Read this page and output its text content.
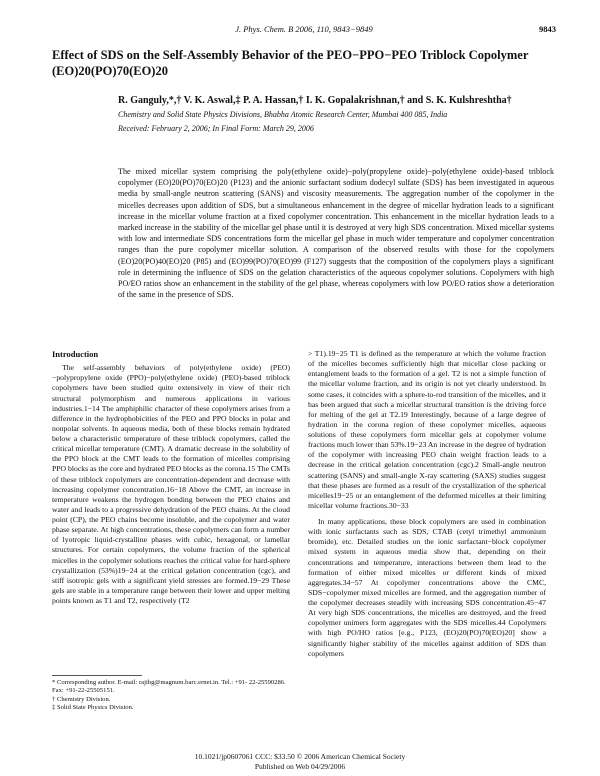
J. Phys. Chem. B 2006, 110, 9843−9849	9843
Effect of SDS on the Self-Assembly Behavior of the PEO−PPO−PEO Triblock Copolymer (EO)20(PO)70(EO)20
R. Ganguly,*,† V. K. Aswal,‡ P. A. Hassan,† I. K. Gopalakrishnan,† and S. K. Kulshreshtha†
Chemistry and Solid State Physics Divisions, Bhabha Atomic Research Center, Mumbai 400 085, India
Received: February 2, 2006; In Final Form: March 29, 2006
The mixed micellar system comprising the poly(ethylene oxide)−poly(propylene oxide)−poly(ethylene oxide)-based triblock copolymer (EO)20(PO)70(EO)20 (P123) and the anionic surfactant sodium dodecyl sulfate (SDS) has been investigated in aqueous media by small-angle neutron scattering (SANS) and viscosity measurements. The aggregation number of the copolymer in the micelles decreases upon addition of SDS, but a simultaneous enhancement in the degree of micellar hydration leads to a significant increase in the micellar volume fraction at a fixed copolymer concentration. This enhancement in the micellar hydration leads to a marked increase in the stability of the micellar gel phase until it is destroyed at very high SDS concentration. Mixed micellar systems with low and intermediate SDS concentrations form the micellar gel phase in much wider temperature and copolymer concentration ranges than the pure copolymer micellar solution. A comparison of the observed results with those for the copolymers (EO)20(PO)40(EO)20 (P85) and (EO)99(PO)70(EO)99 (F127) suggests that the composition of the copolymers plays a significant role in determining the influence of SDS on the gelation characteristics of the aqueous copolymer solutions. Copolymers with high PO/EO ratios show an enhancement in the stability of the gel phase, whereas copolymers with low PO/EO ratios show a deterioration of the same in the presence of SDS.
Introduction

The self-assembly behaviors of poly(ethylene oxide) (PEO)−polypropylene oxide (PPO)−poly(ethylene oxide) (PEO)-based triblock copolymers have been studied quite extensively in view of their rich structural polymorphism and numerous applications in various industries.1−14 The amphiphilic character of these copolymers arises from a difference in the hydrophobicities of the PEO and PPO blocks in polar and nonpolar solvents. In aqueous media, both of these blocks remain hydrated below a characteristic temperature of these triblock copolymers, called the critical micellar temperature (CMT). A dramatic decrease in the solubility of the PPO block at the CMT leads to the formation of micelles comprising PPO blocks as the core and hydrated PEO blocks as the corona.15 The CMTs of these triblock copolymers are concentration-dependent and decrease with increasing copolymer concentration.16−18 Above the CMT, an increase in temperature weakens the hydrogen bonding between the PEO chains and water and leads to a progressive dehydration of the PEO chains. At the cloud point (CP), the PEO chains become insoluble, and the copolymer and water phase separate. At high concentrations, these copolymers can form a number of lyotropic liquid-crystalline phases with cubic, hexagonal, or lamellar structures. For certain copolymers, the volume fraction of the spherical micelles in the copolymer solutions reaches the critical value for hard-sphere crystallization (53%)19−24 at the critical gelation concentration (cgc), and stiff isotropic gels with a significant yield stresses are formed.19−29 These gels are stable in a temperature range between their lower and upper melting points known as T1 and T2, respectively (T2

> T1).19−25 T1 is defined as the temperature at which the volume fraction of the micelles becomes sufficiently high that micellar close packing or entanglement leads to the formation of a gel. T2 is not a simple function of the micellar volume fraction, and its origin is not yet clearly understood. In some cases, it coincides with a sphere-to-rod transition of the micelles, and it has been argued that such a micellar structural transition is the driving force for melting of the gel at T2.19 Interestingly, because of a large degree of hydration in the corona region of these copolymer micelles, aqueous solutions of these copolymers form micellar gels at copolymer volume fractions much lower than 53%.19−23 An increase in the degree of hydration of the copolymer with increasing PEO chain weight fraction leads to a decrease in the critical gelation concentration (cgc).2 Small-angle neutron scattering (SANS) and small-angle X-ray scattering (SAXS) studies suggest that these phases are formed as a result of the crystallization of the spherical micelles19−25 or an entanglement of the deformed micelles at their limiting micellar volume fractions.30−33

In many applications, these block copolymers are used in combination with ionic surfactants such as SDS, CTAB (cetyl trimethyl ammonium bromide), etc. Detailed studies on the ionic surfactant−block copolymer mixed system in aqueous media show that, depending on their concentrations and temperature, interactions between them lead to the formation of either mixed micelles or different kinds of mixed aggregates.34−57 At copolymer concentrations above the CMC, SDS−copolymer mixed micelles are formed, and the aggregation number of the copolymer decreases steadily with increasing SDS concentration.45−47 At very high SDS concentrations, the micelles are destroyed, and the freed copolymer unimers form aggregates with the SDS micelles.44 Copolymers with high PO/HO ratios [e.g., P123, (EO)20(PO)70(EO)20] show a significantly higher stability of the micelles against addition of SDS than copolymers

* Corresponding author. E-mail: rajibg@magnum.barc.ernet.in. Tel.: +91- 22-25590286. Fax: +91-22-25505151.
† Chemistry Division.
‡ Solid State Physics Division.
10.1021/jp0607061 CCC: $33.50 © 2006 American Chemical Society
Published on Web 04/29/2006
